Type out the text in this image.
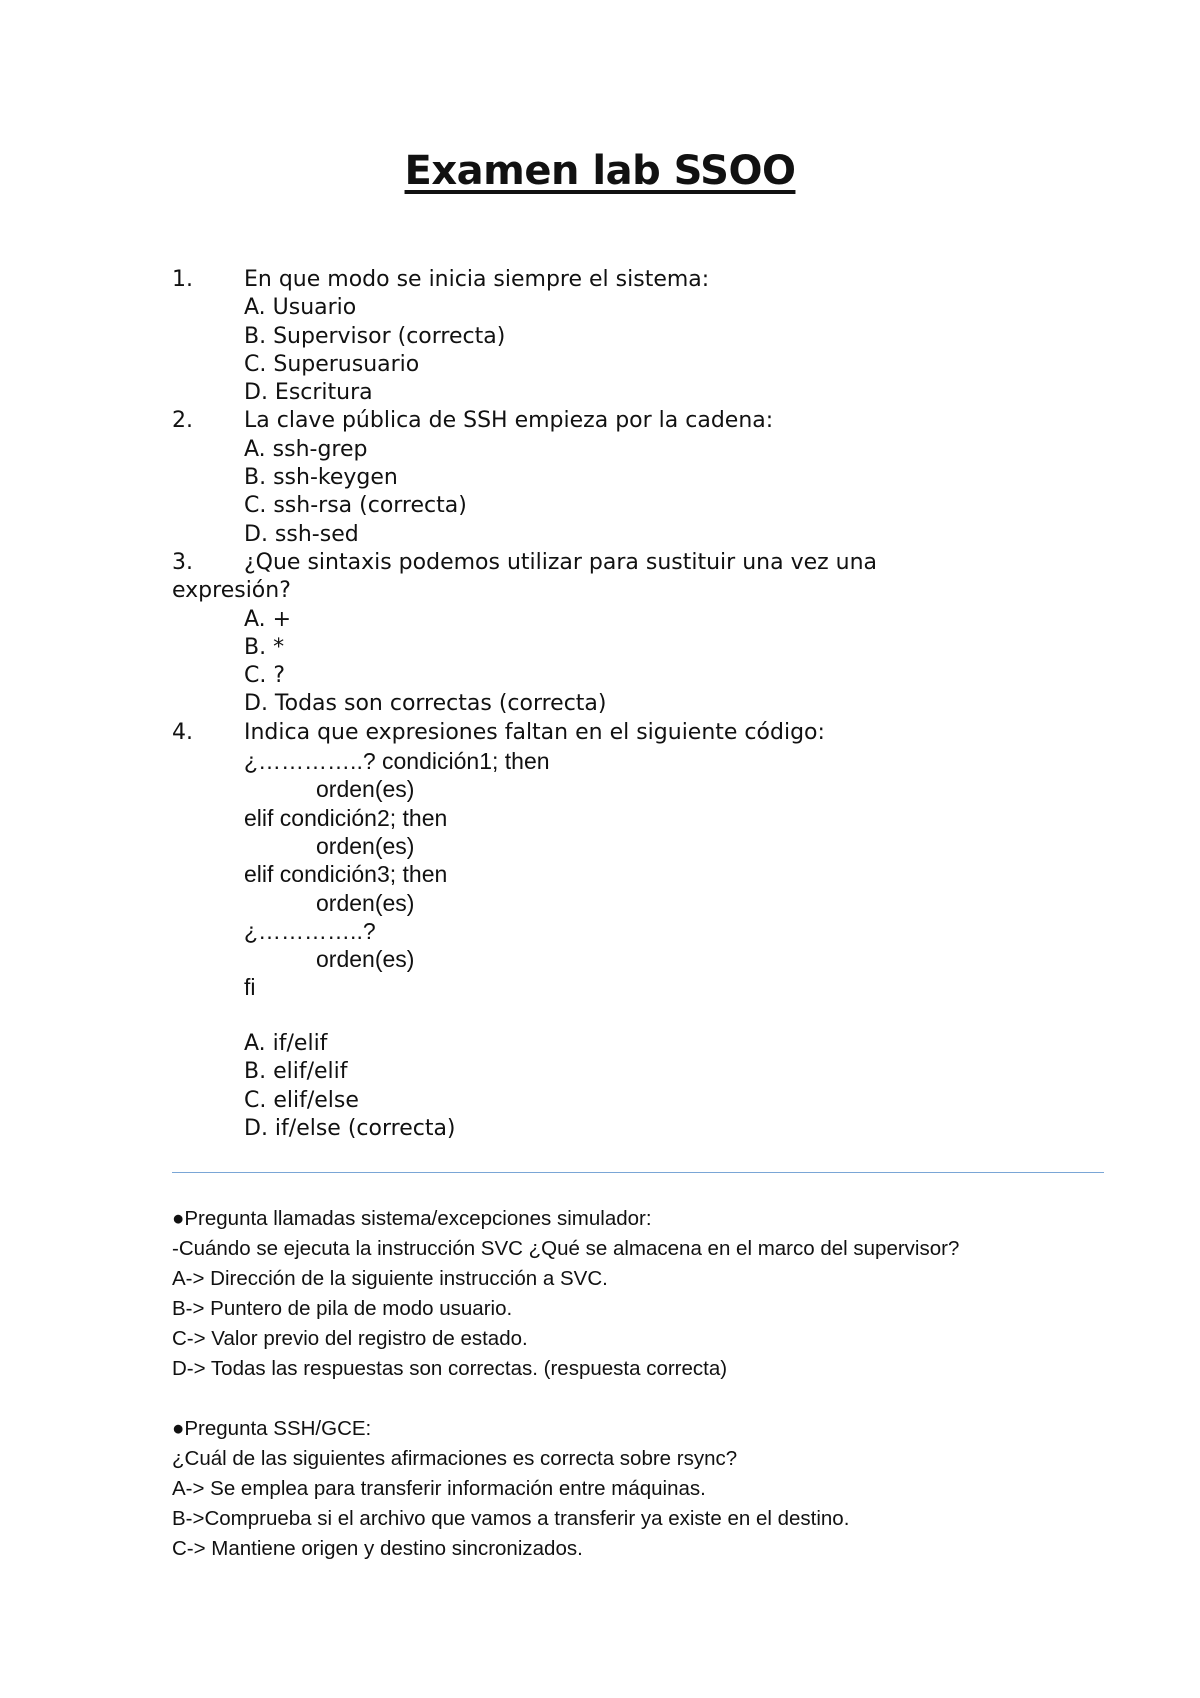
Examen lab SSOO
1. En que modo se inicia siempre el sistema:
A. Usuario
B. Supervisor (correcta)
C. Superusuario
D. Escritura
2. La clave pública de SSH empieza por la cadena:
A. ssh-grep
B. ssh-keygen
C. ssh-rsa (correcta)
D. ssh-sed
3. ¿Que sintaxis podemos utilizar para sustituir una vez una
expresión?
A. +
B. *
C. ?
D. Todas son correctas (correcta)
4. Indica que expresiones faltan en el siguiente código:
¿…………..? condición1; then
orden(es)
elif condición2; then
orden(es)
elif condición3; then
orden(es)
¿…………..?
orden(es)
fi
A. if/elif
B. elif/elif
C. elif/else
D. if/else (correcta)
●Pregunta llamadas sistema/excepciones simulador:
-Cuándo se ejecuta la instrucción SVC ¿Qué se almacena en el marco del supervisor?
A-> Dirección de la siguiente instrucción a SVC.
B-> Puntero de pila de modo usuario.
C-> Valor previo del registro de estado.
D-> Todas las respuestas son correctas. (respuesta correcta)
●Pregunta SSH/GCE:
¿Cuál de las siguientes afirmaciones es correcta sobre rsync?
A-> Se emplea para transferir información entre máquinas.
B->Comprueba si el archivo que vamos a transferir ya existe en el destino.
C-> Mantiene origen y destino sincronizados.
